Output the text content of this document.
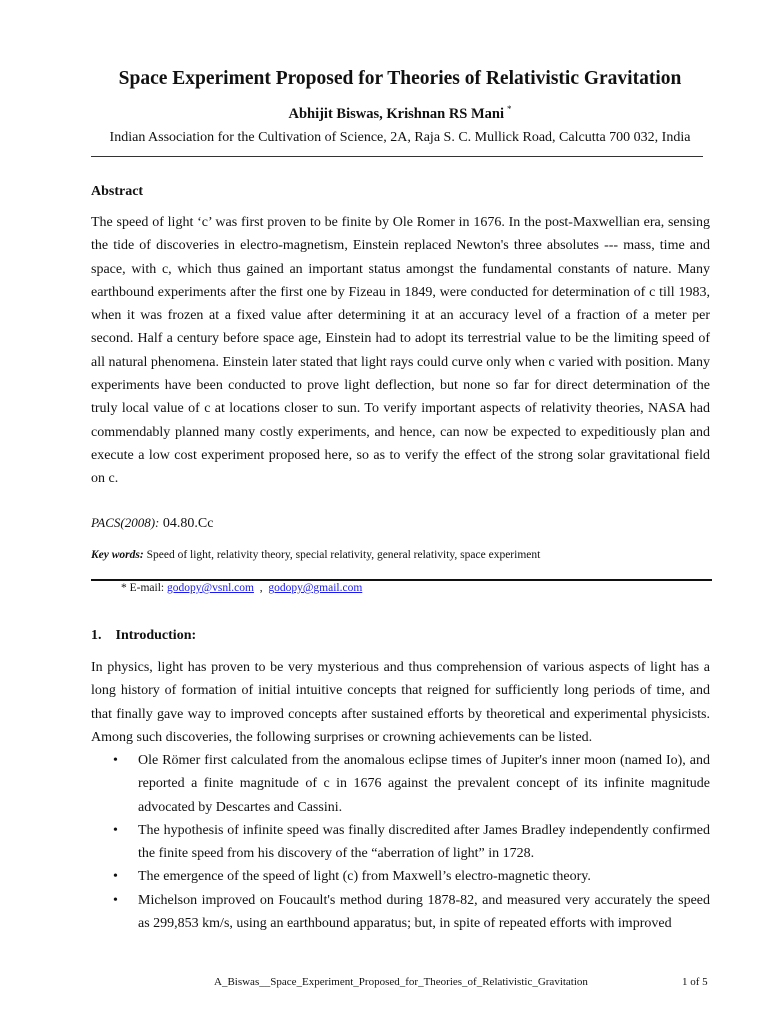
Space Experiment Proposed for Theories of Relativistic Gravitation
Abhijit Biswas, Krishnan RS Mani *
Indian Association for the Cultivation of Science, 2A, Raja S. C. Mullick Road, Calcutta 700 032, India
Abstract

The speed of light ‘c’ was first proven to be finite by Ole Romer in 1676. In the post-Maxwellian era, sensing the tide of discoveries in electro-magnetism, Einstein replaced Newton's three absolutes --- mass, time and space, with c, which thus gained an important status amongst the fundamental constants of nature. Many earthbound experiments after the first one by Fizeau in 1849, were conducted for determination of c till 1983, when it was frozen at a fixed value after determining it at an accuracy level of a fraction of a meter per second. Half a century before space age, Einstein had to adopt its terrestrial value to be the limiting speed of all natural phenomena. Einstein later stated that light rays could curve only when c varied with position. Many experiments have been conducted to prove light deflection, but none so far for direct determination of the truly local value of c at locations closer to sun. To verify important aspects of relativity theories, NASA had commendably planned many costly experiments, and hence, can now be expected to expeditiously plan and execute a low cost experiment proposed here, so as to verify the effect of the strong solar gravitational field on c.

PACS(2008): 04.80.Cc
Key words: Speed of light, relativity theory, special relativity, general relativity, space experiment
* E-mail: godopy@vsnl.com , godopy@gmail.com
1.    Introduction:

In physics, light has proven to be very mysterious and thus comprehension of various aspects of light has a long history of formation of initial intuitive concepts that reigned for sufficiently long periods of time, and that finally gave way to improved concepts after sustained efforts by theoretical and experimental physicists. Among such discoveries, the following surprises or crowning achievements can be listed.

• Ole Römer first calculated from the anomalous eclipse times of Jupiter's inner moon (named Io), and reported a finite magnitude of c in 1676 against the prevalent concept of its infinite magnitude advocated by Descartes and Cassini.
• The hypothesis of infinite speed was finally discredited after James Bradley independently confirmed the finite speed from his discovery of the “aberration of light” in 1728.
• The emergence of the speed of light (c) from Maxwell’s electro-magnetic theory.
• Michelson improved on Foucault's method during 1878-82, and measured very accurately the speed as 299,853 km/s, using an earthbound apparatus; but, in spite of repeated efforts with improved
A_Biswas__Space_Experiment_Proposed_for_Theories_of_Relativistic_Gravitation	1 of 5
